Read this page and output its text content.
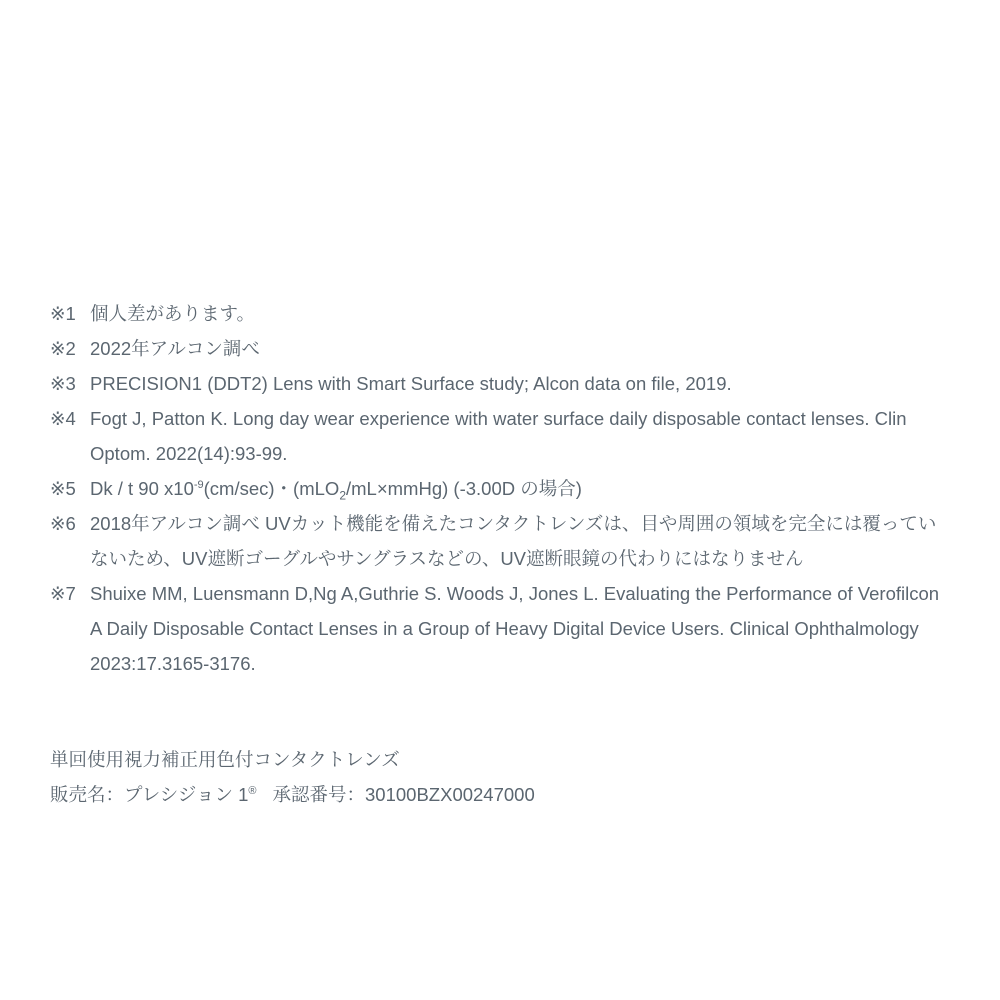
※1 個人差があります。
※2 2022年アルコン調べ
※3 PRECISION1 (DDT2) Lens with Smart Surface study; Alcon data on file, 2019.
※4 Fogt J, Patton K. Long day wear experience with water surface daily disposable contact lenses. Clin Optom. 2022(14):93-99.
※5 Dk / t 90 $x10^{-9}(cm/\sec)$・(mLO$_2$/mL×mmHg) (-3.00D の場合)
※6 2018年アルコン調べ UVカット機能を備えたコンタクトレンズは、目や周囲の領域を完全には覆っていないため、UV遮断ゴーグルやサングラスなどの、UV遮断眼鏡の代わりにはなりません
※7 Shuixe MM, Luensmann D,Ng A,Guthrie S. Woods J, Jones L. Evaluating the Performance of Verofilcon A Daily Disposable Contact Lenses in a Group of Heavy Digital Device Users. Clinical Ophthalmology 2023:17.3165-3176.
単回使用視力補正用色付コンタクトレンズ
販売名：プレシジョン 1® 承認番号：30100BZX00247000
